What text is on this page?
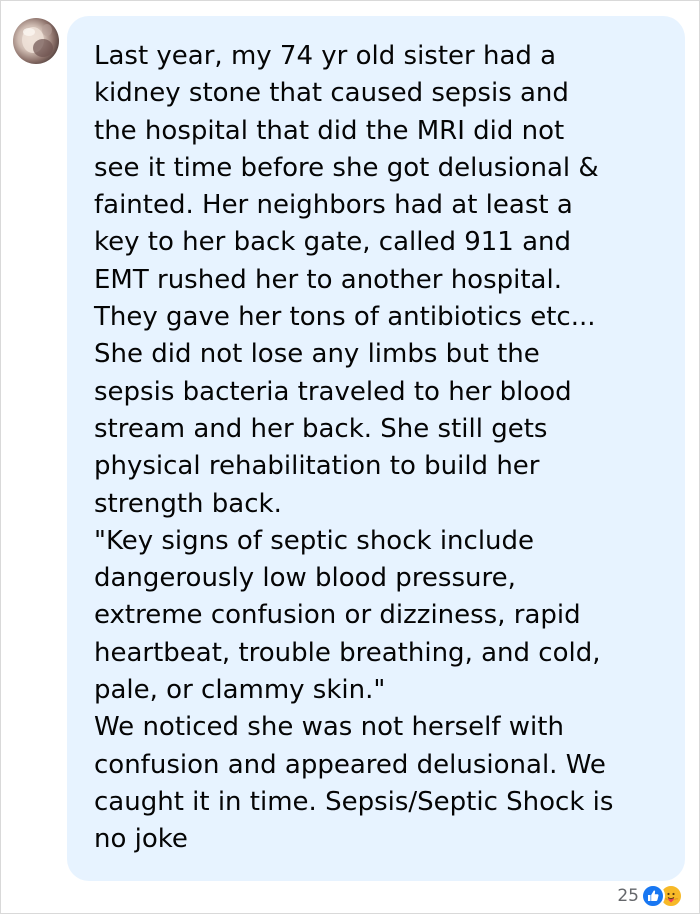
Last year, my 74 yr old sister had a
kidney stone that caused sepsis and
the hospital that did the MRI did not
see it time before she got delusional &
fainted. Her neighbors had at least a
key to her back gate, called 911 and
EMT rushed her to another hospital.
They gave her tons of antibiotics etc...
She did not lose any limbs but the
sepsis bacteria traveled to her blood
stream and her back. She still gets
physical rehabilitation to build her
strength back.
"Key signs of septic shock include
dangerously low blood pressure,
extreme confusion or dizziness, rapid
heartbeat, trouble breathing, and cold,
pale, or clammy skin."
We noticed she was not herself with
confusion and appeared delusional. We
caught it in time. Sepsis/Septic Shock is
no joke

25
